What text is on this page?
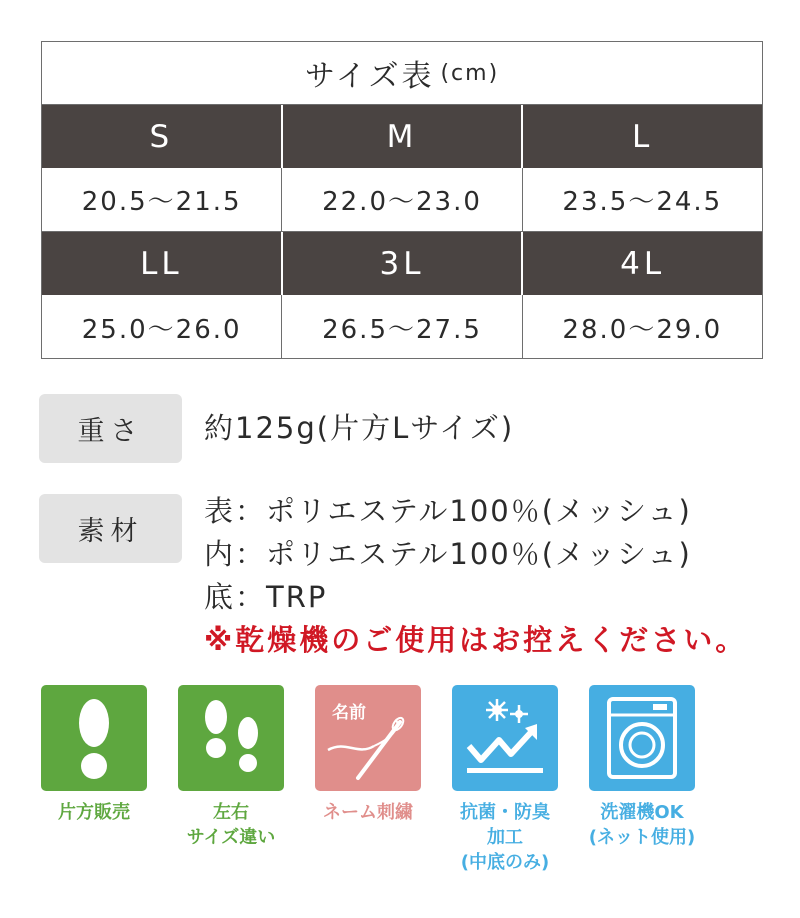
サイズ表 (cm)
S	M	L
20.5～21.5	22.0～23.0	23.5～24.5
LL	3L	4L
25.0～26.0	26.5～27.5	28.0～29.0
重さ	約125g(片方Lサイズ)
素材
表：ポリエステル100％(メッシュ)
内：ポリエステル100％(メッシュ)
底：TRP
※乾燥機のご使用はお控えください。
片方販売	左右
サイズ違い
名前
ネーム刺繍	抗菌・防臭
加工
(中底のみ)
洗濯機OK
(ネット使用)
